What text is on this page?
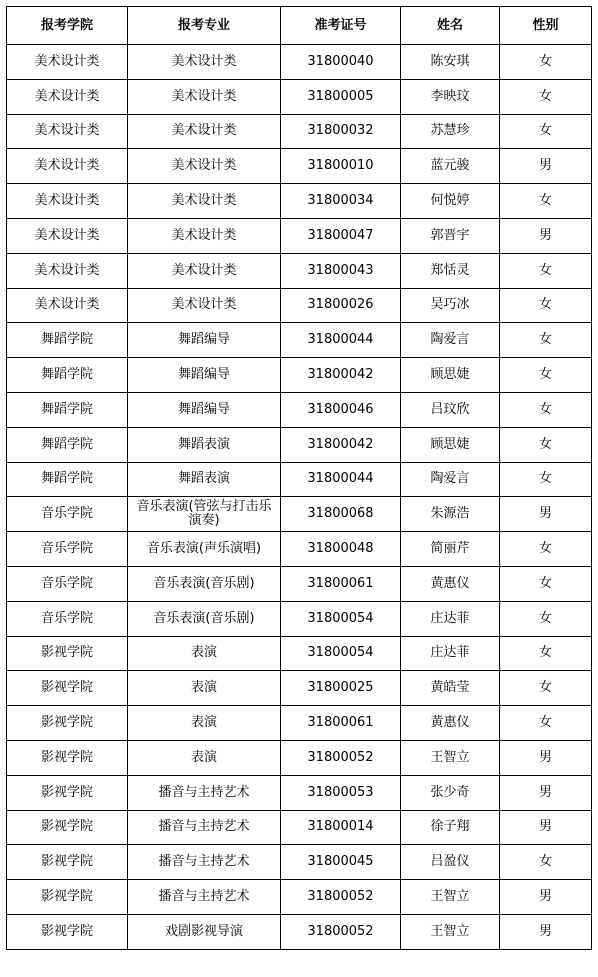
报考学院	报考专业	准考证号	姓名	性别
美术设计类	美术设计类	31800040	陈安琪	女
美术设计类	美术设计类	31800005	李映玟	女
美术设计类	美术设计类	31800032	苏慧珍	女
美术设计类	美术设计类	31800010	蓝元骏	男
美术设计类	美术设计类	31800034	何悦婷	女
美术设计类	美术设计类	31800047	郭晋宇	男
美术设计类	美术设计类	31800043	郑恬灵	女
美术设计类	美术设计类	31800026	吴巧冰	女
舞蹈学院	舞蹈编导	31800044	陶爱言	女
舞蹈学院	舞蹈编导	31800042	顾思婕	女
舞蹈学院	舞蹈编导	31800046	吕玟欣	女
舞蹈学院	舞蹈表演	31800042	顾思婕	女
舞蹈学院	舞蹈表演	31800044	陶爱言	女
音乐学院	音乐表演(管弦与打击乐演奏)	31800068	朱源浩	男
音乐学院	音乐表演(声乐演唱)	31800048	简丽芹	女
音乐学院	音乐表演(音乐剧)	31800061	黄惠仪	女
音乐学院	音乐表演(音乐剧)	31800054	庄达菲	女
影视学院	表演	31800054	庄达菲	女
影视学院	表演	31800025	黄皓莹	女
影视学院	表演	31800061	黄惠仪	女
影视学院	表演	31800052	王智立	男
影视学院	播音与主持艺术	31800053	张少奇	男
影视学院	播音与主持艺术	31800014	徐子翔	男
影视学院	播音与主持艺术	31800045	吕盈仪	女
影视学院	播音与主持艺术	31800052	王智立	男
影视学院	戏剧影视导演	31800052	王智立	男
